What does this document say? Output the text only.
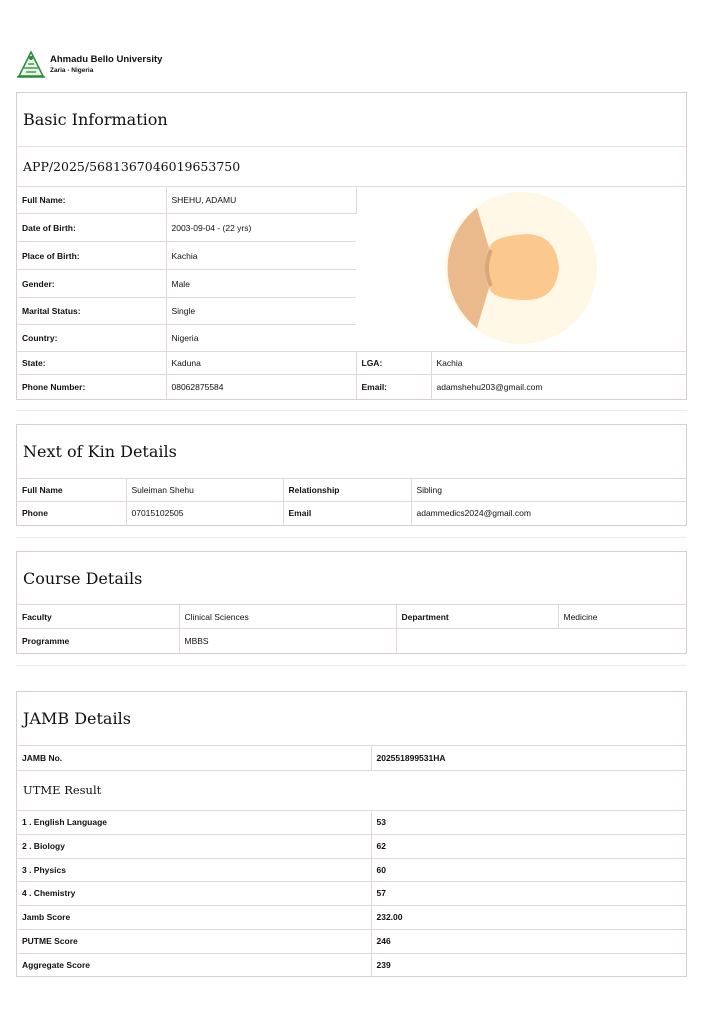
Ahmadu Bello University
Zaria - Nigeria
Basic Information
APP/2025/5681367046019653750
Full Name:	SHEHU, ADAMU	
Date of Birth:	2003-09-04 - (22 yrs)		
Place of Birth:	Kachia		
Gender:	Male		
Marital Status:	Single		
Country:	Nigeria		
State:	Kaduna	LGA:	Kachia
Phone Number:	08062875584	Email:	adamshehu203@gmail.com
Next of Kin Details
Full Name	Suleiman Shehu	Relationship	Sibling
Phone	07015102505	Email	adammedics2024@gmail.com
Course Details
Faculty	Clinical Sciences	Department	Medicine
Programme	MBBS		
JAMB Details
JAMB No.	202551899531HA
UTME Result
1 . English Language	53
2 . Biology	62
3 . Physics	60
4 . Chemistry	57
Jamb Score	232.00
PUTME Score	246
Aggregate Score	239
